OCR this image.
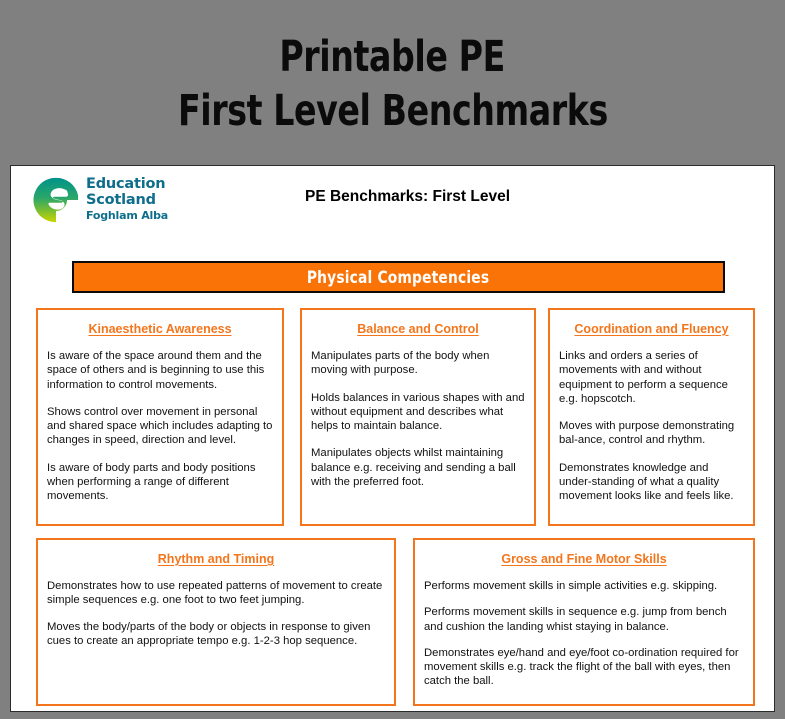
Printable PE
First Level Benchmarks
Education
Scotland
Foghlam Alba
PE Benchmarks: First Level
Physical Competencies
Kinaesthetic Awareness

Is aware of the space around them and the space of others and is beginning to use this information to control movements.

Shows control over movement in personal and shared space which includes adapting to changes in speed, direction and level.

Is aware of body parts and body positions when performing a range of different movements.

Balance and Control

Manipulates parts of the body when moving with purpose.

Holds balances in various shapes with and without equipment and describes what helps to maintain balance.

Manipulates objects whilst maintaining balance e.g. receiving and sending a ball with the preferred foot.

Coordination and Fluency

Links and orders a series of movements with and without equipment to perform a sequence e.g. hopscotch.

Moves with purpose demonstrating bal-ance, control and rhythm.

Demonstrates knowledge and under-standing of what a quality movement looks like and feels like.

Rhythm and Timing

Demonstrates how to use repeated patterns of movement to create simple sequences e.g. one foot to two feet jumping.

Moves the body/parts of the body or objects in response to given cues to create an appropriate tempo e.g. 1-2-3 hop sequence.

Gross and Fine Motor Skills

Performs movement skills in simple activities e.g. skipping.

Performs movement skills in sequence e.g. jump from bench and cushion the landing whist staying in balance.

Demonstrates eye/hand and eye/foot co-ordination required for movement skills e.g. track the flight of the ball with eyes, then catch the ball.
